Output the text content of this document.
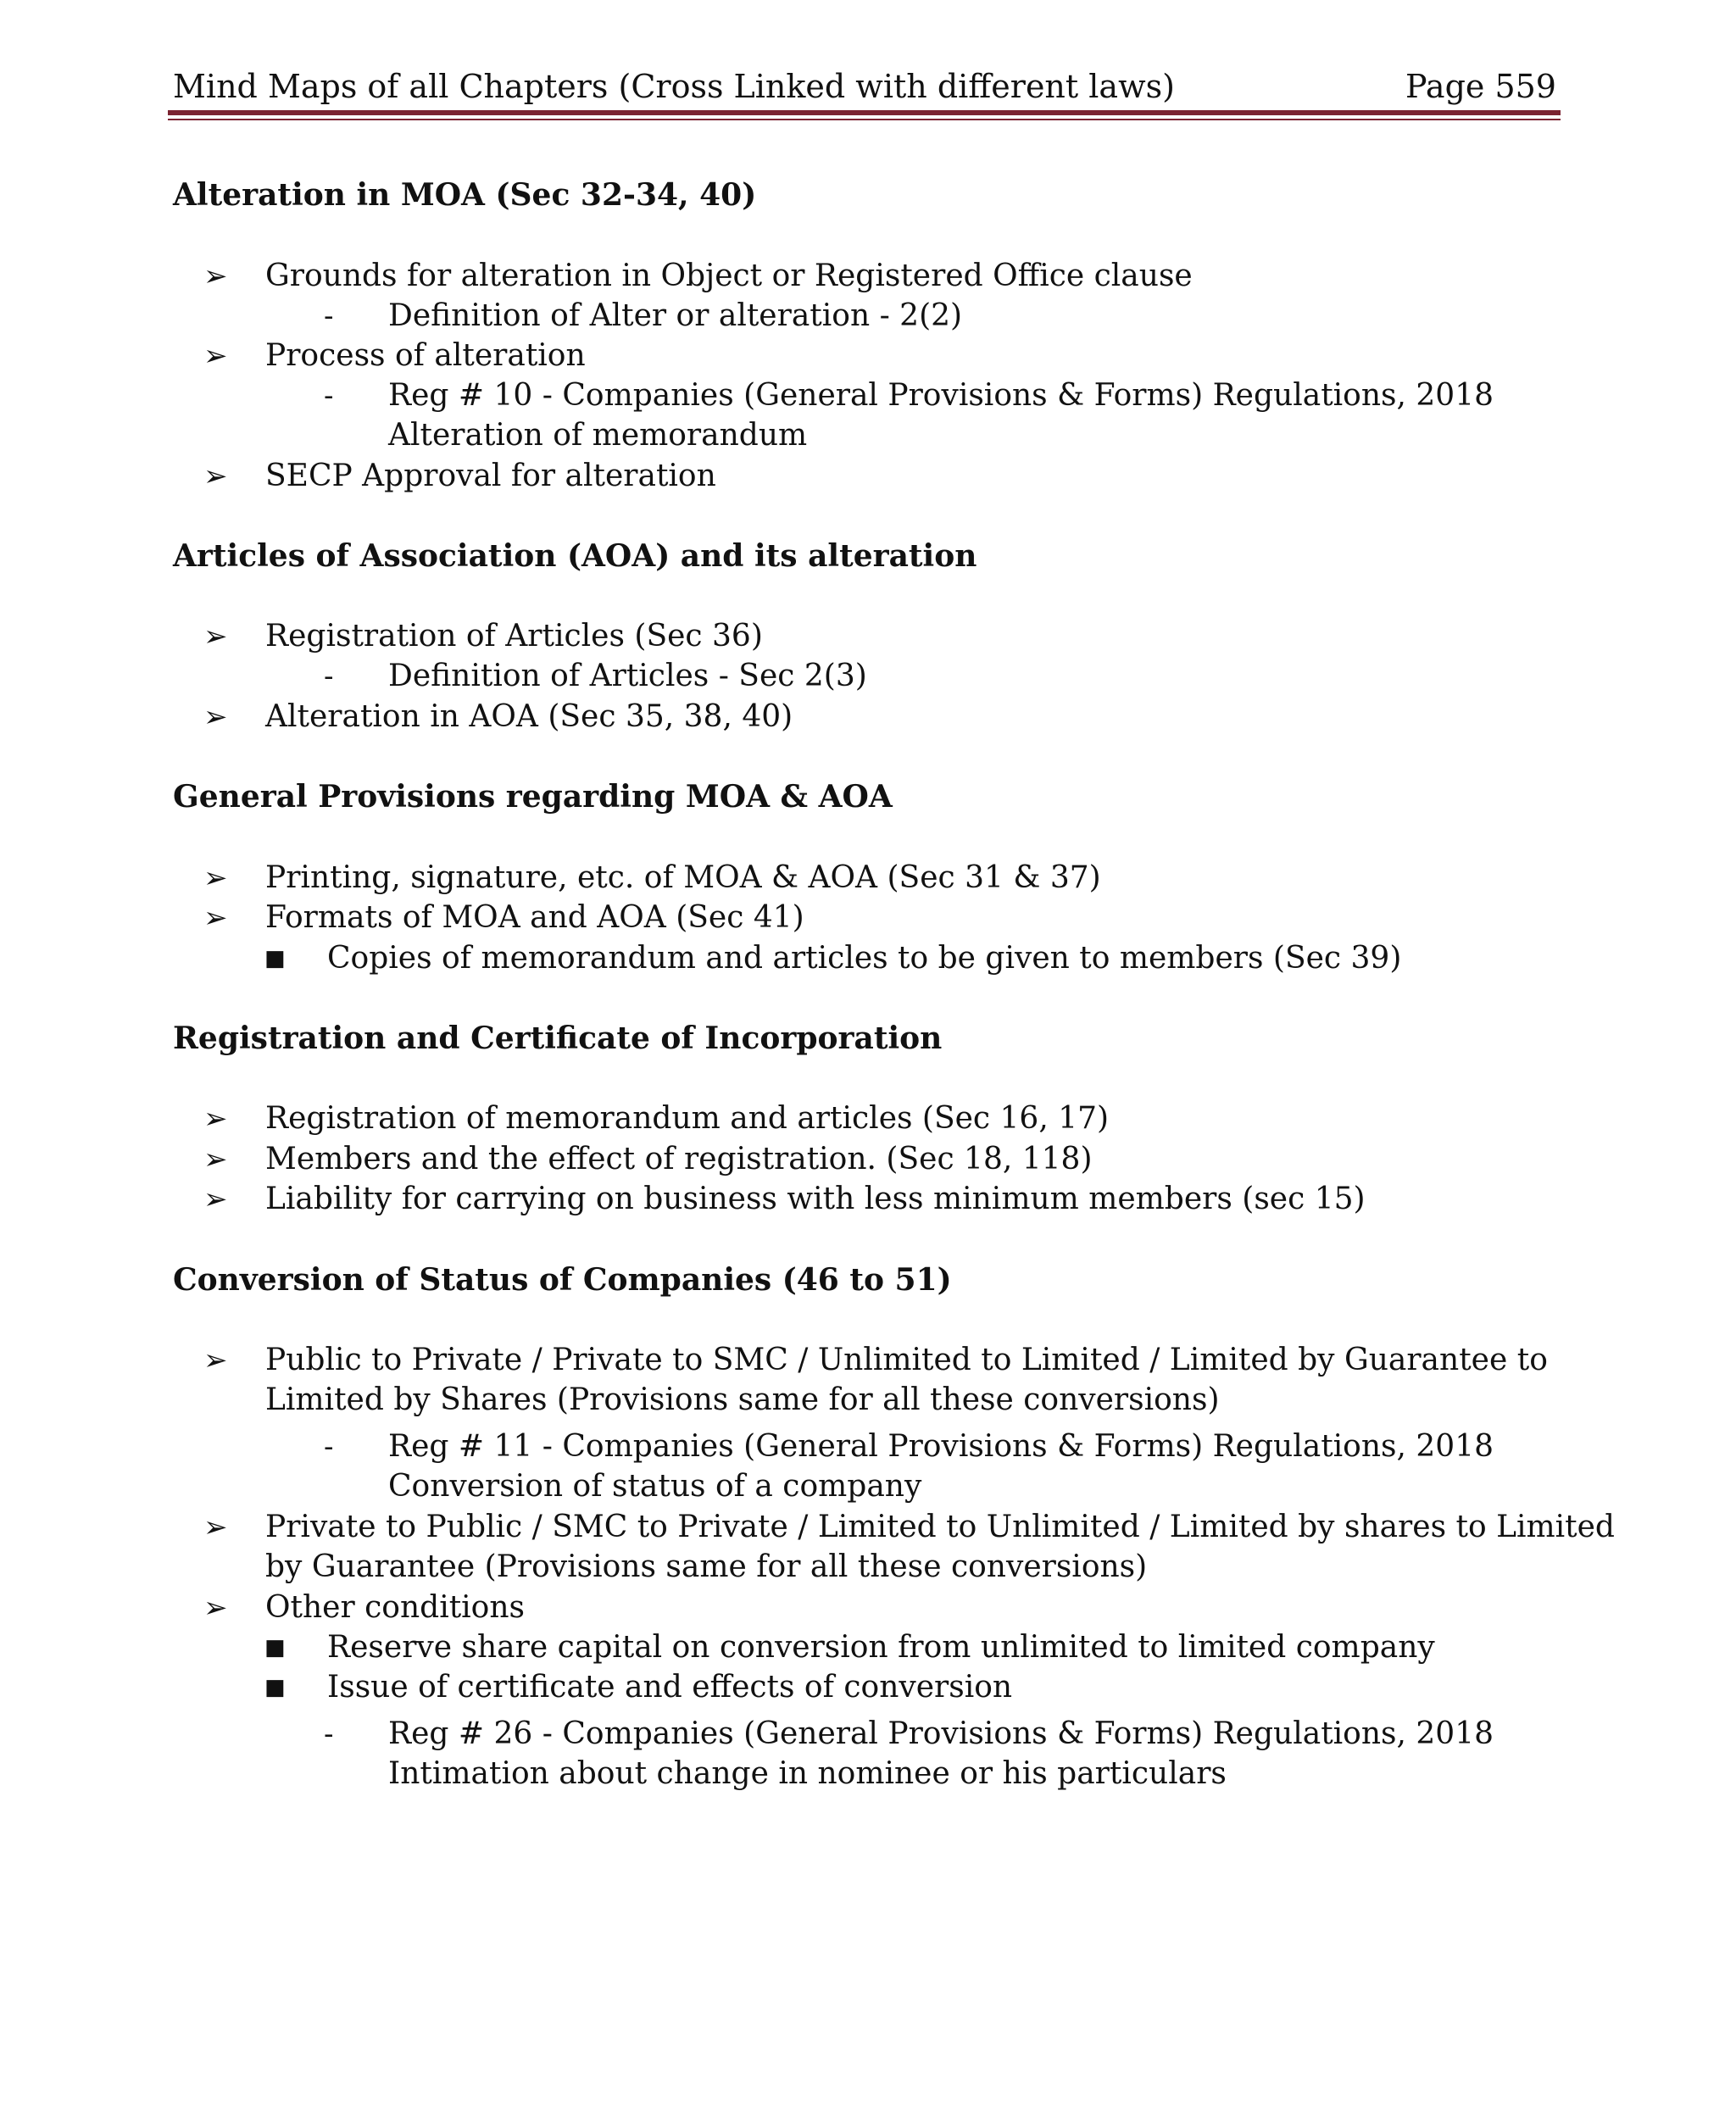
Mind Maps of all Chapters (Cross Linked with different laws)	Page 559
Alteration in MOA (Sec 32-34, 40)
➢ Grounds for alteration in Object or Registered Office clause
- Definition of Alter or alteration - 2(2)
➢ Process of alteration
- Reg # 10 - Companies (General Provisions & Forms) Regulations, 2018
Alteration of memorandum
➢ SECP Approval for alteration
Articles of Association (AOA) and its alteration
➢ Registration of Articles (Sec 36)
- Definition of Articles - Sec 2(3)
➢ Alteration in AOA (Sec 35, 38, 40)
General Provisions regarding MOA & AOA
➢ Printing, signature, etc. of MOA & AOA (Sec 31 & 37)
➢ Formats of MOA and AOA (Sec 41)
■ Copies of memorandum and articles to be given to members (Sec 39)
Registration and Certificate of Incorporation
➢ Registration of memorandum and articles (Sec 16, 17)
➢ Members and the effect of registration. (Sec 18, 118)
➢ Liability for carrying on business with less minimum members (sec 15)
Conversion of Status of Companies (46 to 51)
➢ Public to Private / Private to SMC / Unlimited to Limited / Limited by Guarantee to
Limited by Shares (Provisions same for all these conversions)
- Reg # 11 - Companies (General Provisions & Forms) Regulations, 2018
Conversion of status of a company
➢ Private to Public / SMC to Private / Limited to Unlimited / Limited by shares to Limited
by Guarantee (Provisions same for all these conversions)
➢ Other conditions
■ Reserve share capital on conversion from unlimited to limited company
■ Issue of certificate and effects of conversion
- Reg # 26 - Companies (General Provisions & Forms) Regulations, 2018
Intimation about change in nominee or his particulars
